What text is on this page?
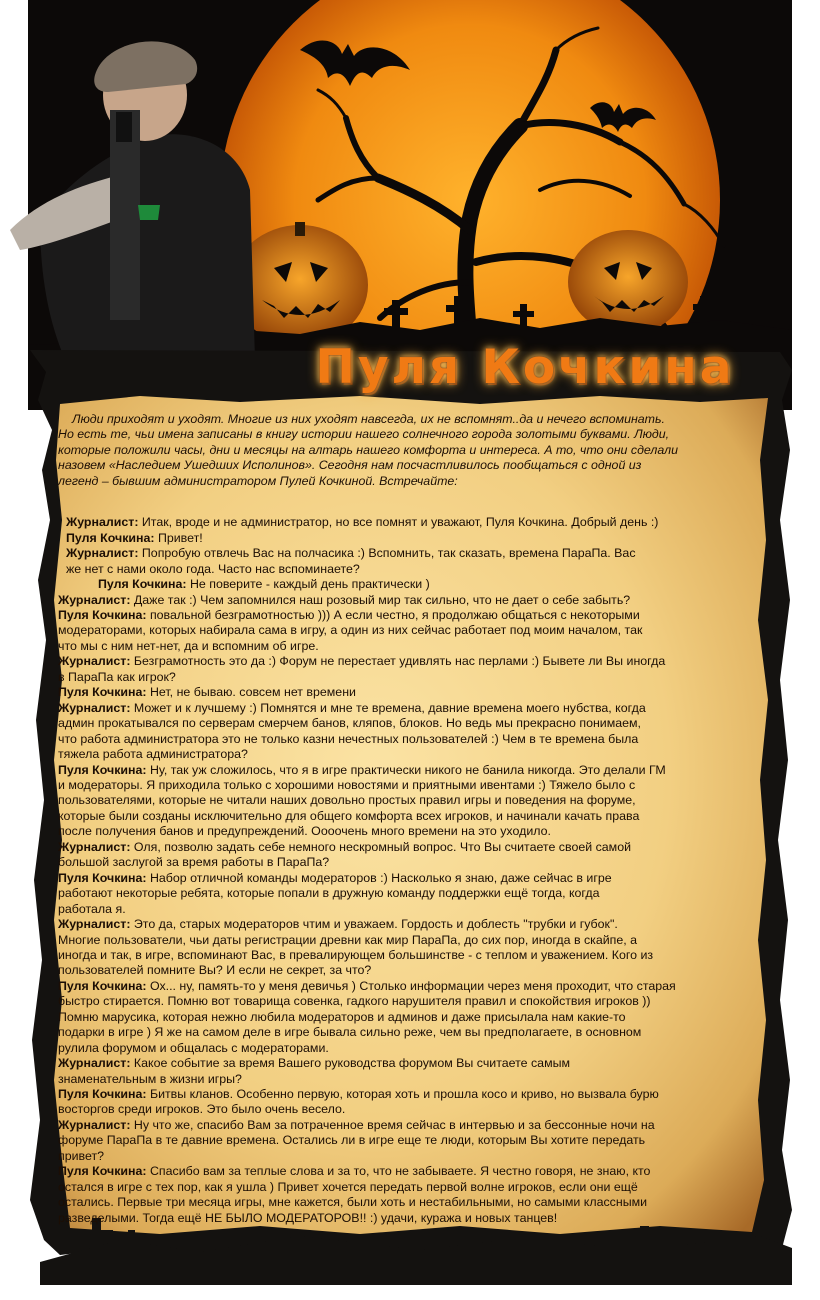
Пуля Кочкина

Люди приходят и уходят. Многие из них уходят навсегда, их не вспомнят..да и нечего вспоминать.

Но есть те, чьи имена записаны в книгу истории нашего солнечного города золотыми буквами. Люди,

которые положили часы, дни и месяцы на алтарь нашего комфорта и интереса. А то, что они сделали

назовем «Наследием Ушедших Исполинов». Сегодня нам посчастливилось пообщаться с одной из

легенд – бывшим администратором Пулей Кочкиной. Встречайте:

Журналист: Итак, вроде и не администратор, но все помнят и уважают, Пуля Кочкина. Добрый день :)

Пуля Кочкина: Привет!

Журналист: Попробую отвлечь Вас на полчасика :) Вспомнить, так сказать, времена ПараПа. Вас

же нет с нами около года. Часто нас вспоминаете?

Пуля Кочкина: Не поверите - каждый день практически )

Журналист: Даже так :) Чем запомнился наш розовый мир так сильно, что не дает о себе забыть?

Пуля Кочкина: повальной безграмотностью ))) А если честно, я продолжаю общаться с некоторыми

модераторами, которых набирала сама в игру, а один из них сейчас работает под моим началом, так

что мы с ним нет-нет, да и вспомним об игре.

Журналист: Безграмотность это да :) Форум не перестает удивлять нас перлами :) Бывете ли Вы иногда

в ПараПа как игрок?

Пуля Кочкина: Нет, не бываю. совсем нет времени

Журналист: Может и к лучшему :) Помнятся и мне те времена, давние времена моего нубства, когда

админ прокатывался по серверам смерчем банов, кляпов, блоков. Но ведь мы прекрасно понимаем,

что работа администратора это не только казни нечестных пользователей :) Чем в те времена была

тяжела работа администратора?

Пуля Кочкина: Ну, так уж сложилось, что я в игре практически никого не банила никогда. Это делали ГМ

и модераторы. Я приходила только с хорошими новостями и приятными ивентами :) Тяжело было с

пользователями, которые не читали наших довольно простых правил игры и поведения на форуме,

которые были созданы исключительно для общего комфорта всех игроков, и начинали качать права

после получения банов и предупреждений. Оооочень много времени на это уходило.

Журналист: Оля, позволю задать себе немного нескромный вопрос. Что Вы считаете своей самой

большой заслугой за время работы в ПараПа?

Пуля Кочкина: Набор отличной команды модераторов :) Насколько я знаю, даже сейчас в игре

работают некоторые ребята, которые попали в дружную команду поддержки ещё тогда, когда

работала я.

Журналист: Это да, старых модераторов чтим и уважаем. Гордость и доблесть "трубки и губок".

Многие пользователи, чьи даты регистрации древни как мир ПараПа, до сих пор, иногда в скайпе, а

иногда и так, в игре, вспоминают Вас, в превалирующем большинстве - с теплом и уважением. Кого из

пользователей помните Вы? И если не секрет, за что?

Пуля Кочкина: Ох... ну, память-то у меня девичья ) Столько информации через меня проходит, что старая

быстро стирается. Помню вот товарища совенка, гадкого нарушителя правил и спокойствия игроков ))

Помню марусика, которая нежно любила модераторов и админов и даже присылала нам какие-то

подарки в игре ) Я же на самом деле в игре бывала сильно реже, чем вы предполагаете, в основном

рулила форумом и общалась с модераторами.

Журналист: Какое событие за время Вашего руководства форумом Вы считаете самым

знаменательным в жизни игры?

Пуля Кочкина: Битвы кланов. Особенно первую, которая хоть и прошла косо и криво, но вызвала бурю

восторгов среди игроков. Это было очень весело.

Журналист: Ну что же, спасибо Вам за потраченное время сейчас в интервью и за бессонные ночи на

форуме ПараПа в те давние времена. Остались ли в игре еще те люди, которым Вы хотите передать

привет?

Пуля Кочкина: Спасибо вам за теплые слова и за то, что не забываете. Я честно говоря, не знаю, кто

остался в игре с тех пор, как я ушла ) Привет хочется передать первой волне игроков, если они ещё

остались. Первые три месяца игры, мне кажется, были хоть и нестабильными, но самыми классными

разведелыми. Тогда ещё НЕ БЫЛО МОДЕРАТОРОВ!! :) удачи, куража и новых танцев!
